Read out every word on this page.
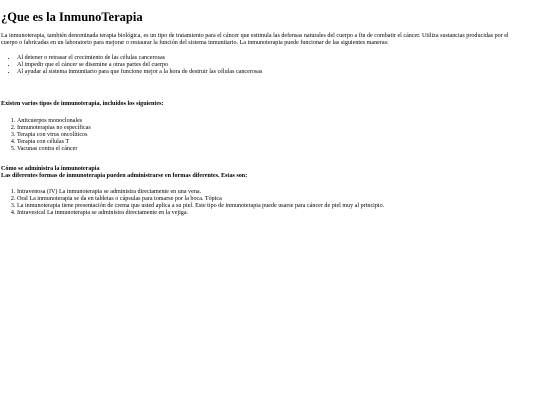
¿Que es la InmunoTerapia

La inmunoterapia, también denominada terapia biológica, es un tipo de tratamiento para el cáncer que estimula las defensas naturales del cuerpo a fin de combatir el cáncer. Utiliza sustancias producidas por el cuerpo o fabricadas en un laboratorio para mejorar o restaurar la función del sistema inmunitario. La inmunoterapia puede funcionar de las siguientes maneras:

• Al detener o retrasar el crecimiento de las células cancerosas
• Al impedir que el cáncer se disemine a otras partes del cuerpo
• Al ayudar al sistema inmunitario para que funcione mejor a la hora de destruir las células cancerosas

Existen varios tipos de inmunoterapia, incluidos los siguientes:

1. Anticuerpos monoclonales
2. Inmunoterapias no específicas
3. Terapia con virus oncolíticos
4. Terapia con células T
5. Vacunas contra el cáncer

Cómo se administra la inmunoterapia
Las diferentes formas de inmunoterapia pueden administrarse en formas diferentes. Estas son:

1. Intravenosa (IV) La inmunoterapia se administra directamente en una vena.
2. Oral La inmunoterapia se da en tabletas o cápsulas para tomarse por la boca. Tópica
3. La inmunoterapia tiene presentación de crema que usted aplica a su piel. Este tipo de inmunoterapia puede usarse para cáncer de piel muy al principio.
4. Intravesical La inmunoterapia se administra directamente en la vejiga.
